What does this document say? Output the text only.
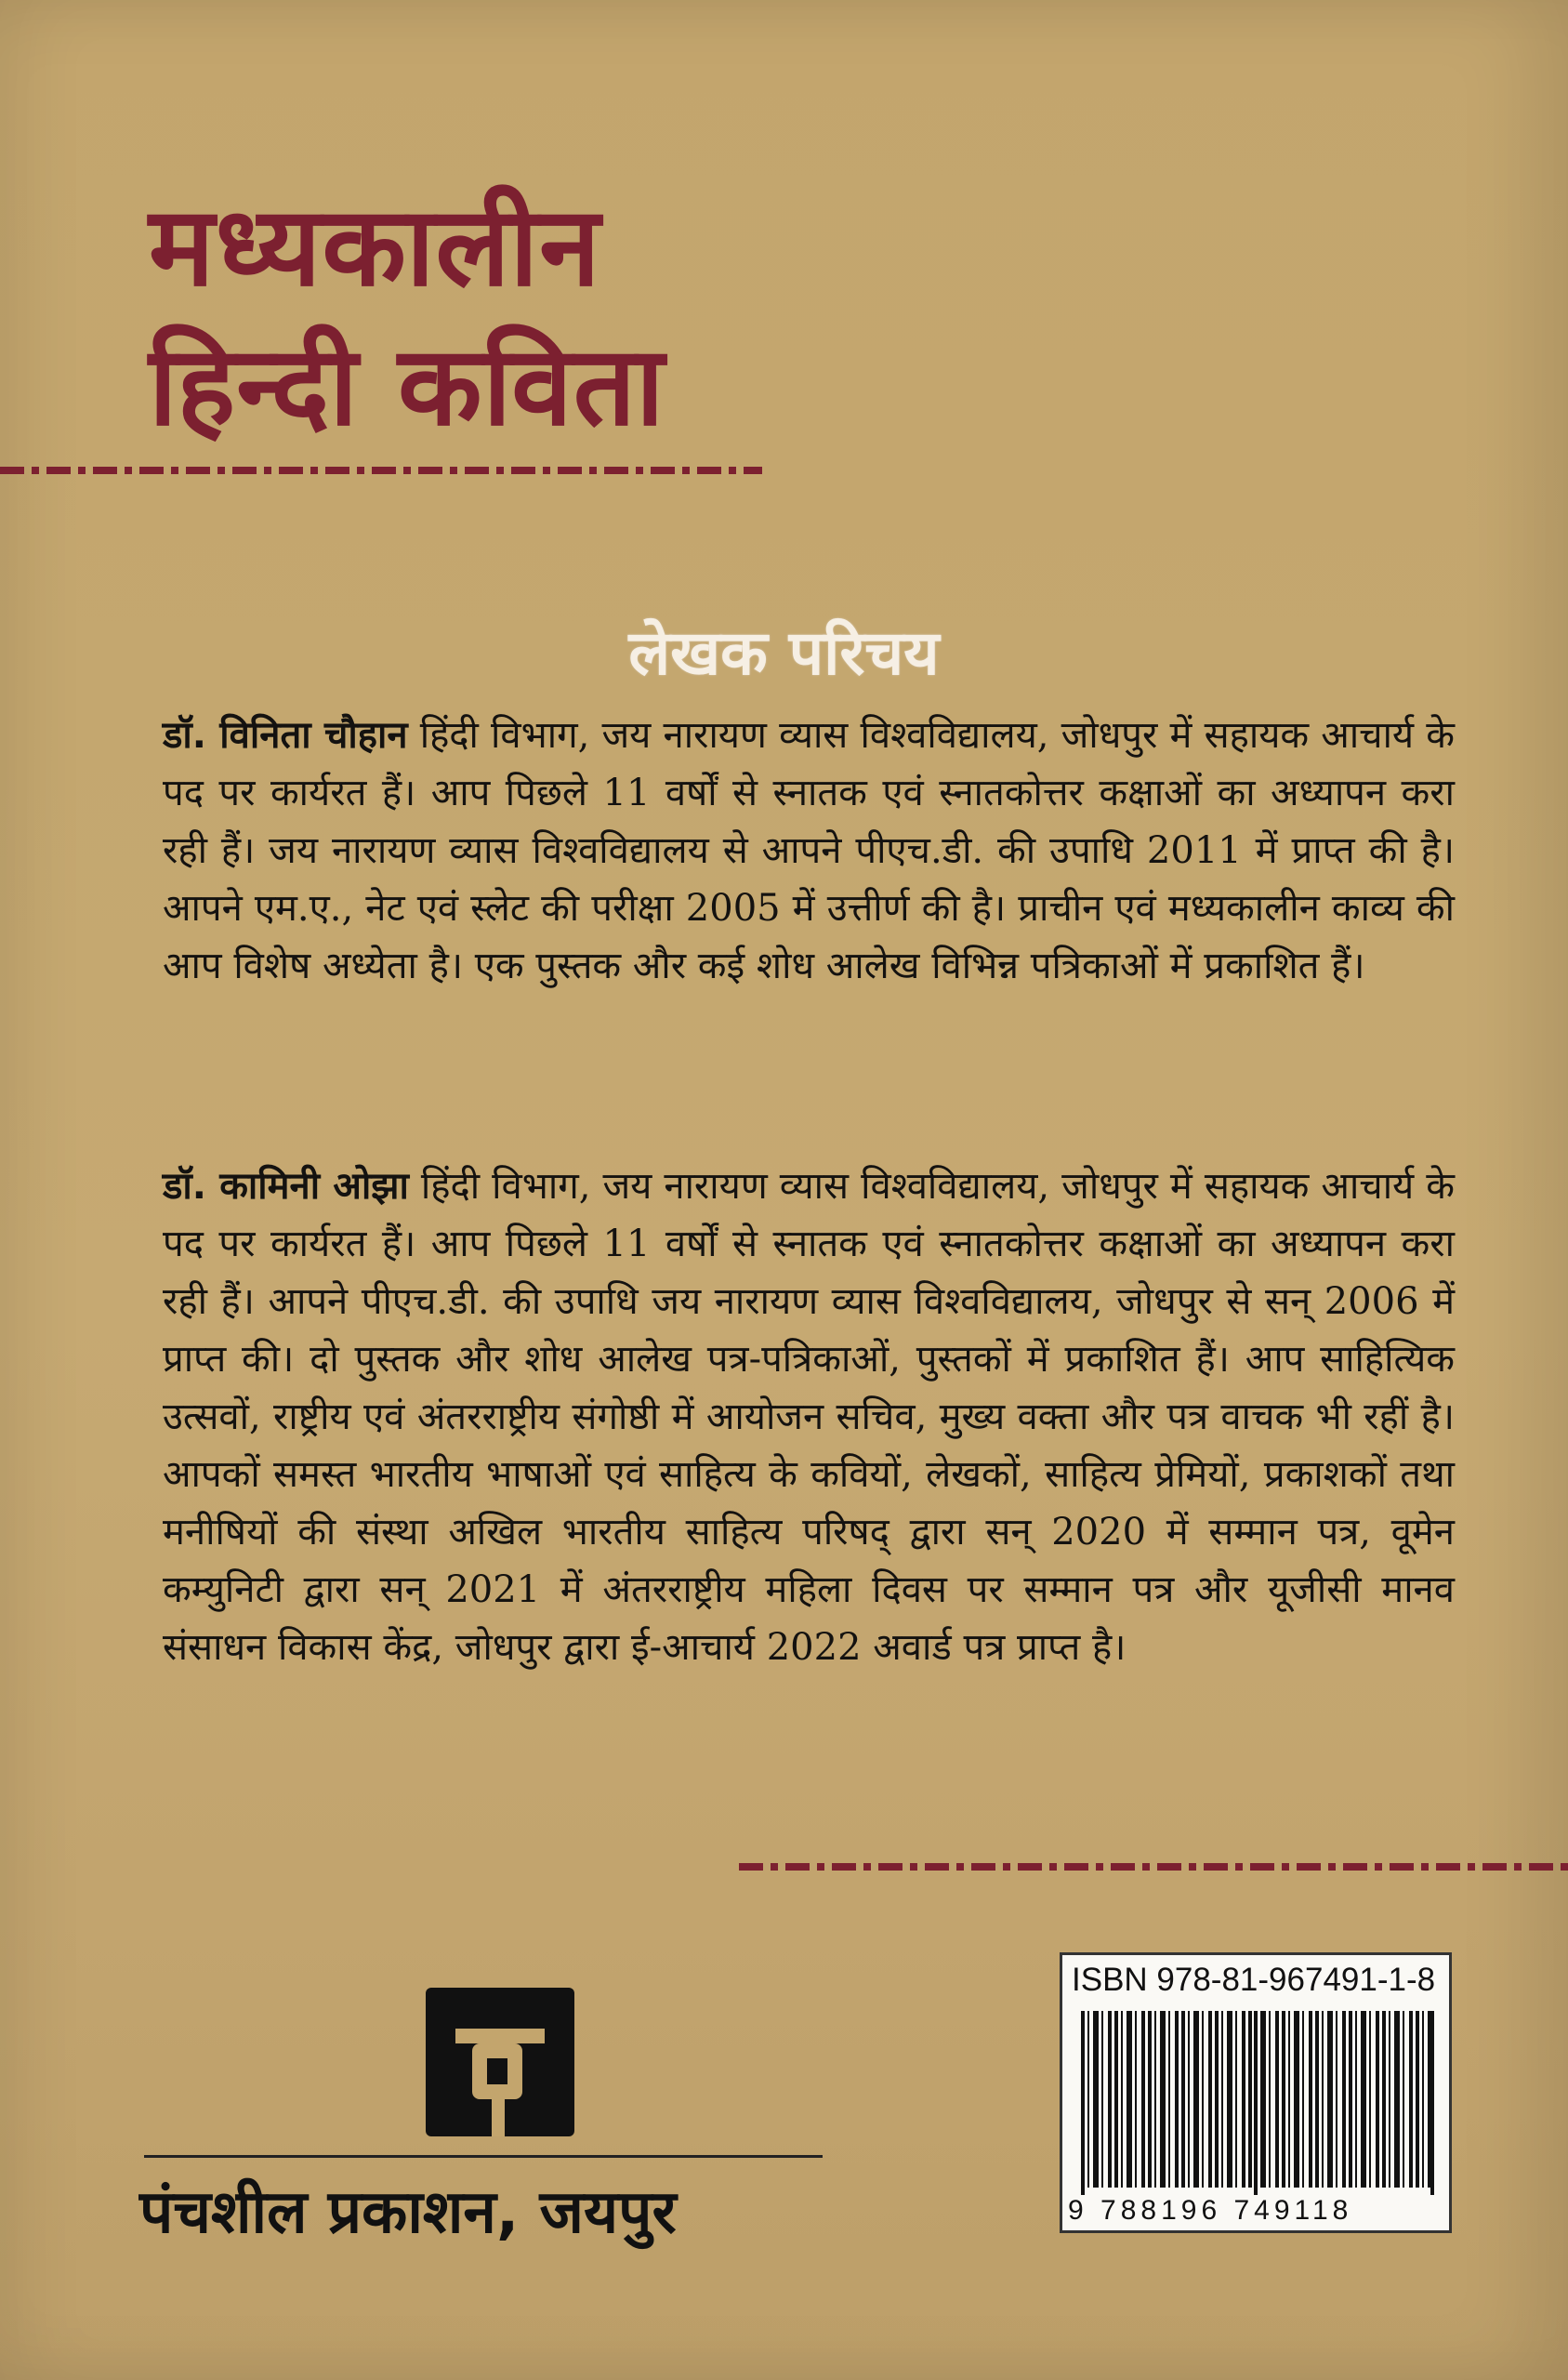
मध्यकालीन
हिन्दी कविता
लेखक परिचय

डॉ. विनिता चौहान हिंदी विभाग, जय नारायण व्यास विश्वविद्यालय, जोधपुर में सहायक आचार्य के पद पर कार्यरत हैं। आप पिछले 11 वर्षों से स्नातक एवं स्नातकोत्तर कक्षाओं का अध्यापन करा रही हैं। जय नारायण व्यास विश्वविद्यालय से आपने पीएच.डी. की उपाधि 2011 में प्राप्त की है। आपने एम.ए., नेट एवं स्लेट की परीक्षा 2005 में उत्तीर्ण की है। प्राचीन एवं मध्यकालीन काव्य की आप विशेष अध्येता है। एक पुस्तक और कई शोध आलेख विभिन्न पत्रिकाओं में प्रकाशित हैं।

डॉ. कामिनी ओझा हिंदी विभाग, जय नारायण व्यास विश्वविद्यालय, जोधपुर में सहायक आचार्य के पद पर कार्यरत हैं। आप पिछले 11 वर्षों से स्नातक एवं स्नातकोत्तर कक्षाओं का अध्यापन करा रही हैं। आपने पीएच.डी. की उपाधि जय नारायण व्यास विश्वविद्यालय, जोधपुर से सन् 2006 में प्राप्त की। दो पुस्तक और शोध आलेख पत्र-पत्रिकाओं, पुस्तकों में प्रकाशित हैं। आप साहित्यिक उत्सवों, राष्ट्रीय एवं अंतरराष्ट्रीय संगोष्ठी में आयोजन सचिव, मुख्य वक्ता और पत्र वाचक भी रहीं है। आपकों समस्त भारतीय भाषाओं एवं साहित्य के कवियों, लेखकों, साहित्य प्रेमियों, प्रकाशकों तथा मनीषियों की संस्था अखिल भारतीय साहित्य परिषद् द्वारा सन् 2020 में सम्मान पत्र, वूमेन कम्युनिटी द्वारा सन् 2021 में अंतरराष्ट्रीय महिला दिवस पर सम्मान पत्र और यूजीसी मानव संसाधन विकास केंद्र, जोधपुर द्वारा ई-आचार्य 2022 अवार्ड पत्र प्राप्त है।

पंचशील प्रकाशन, जयपुर
ISBN 978-81-967491-1-8
9 788196 749118
